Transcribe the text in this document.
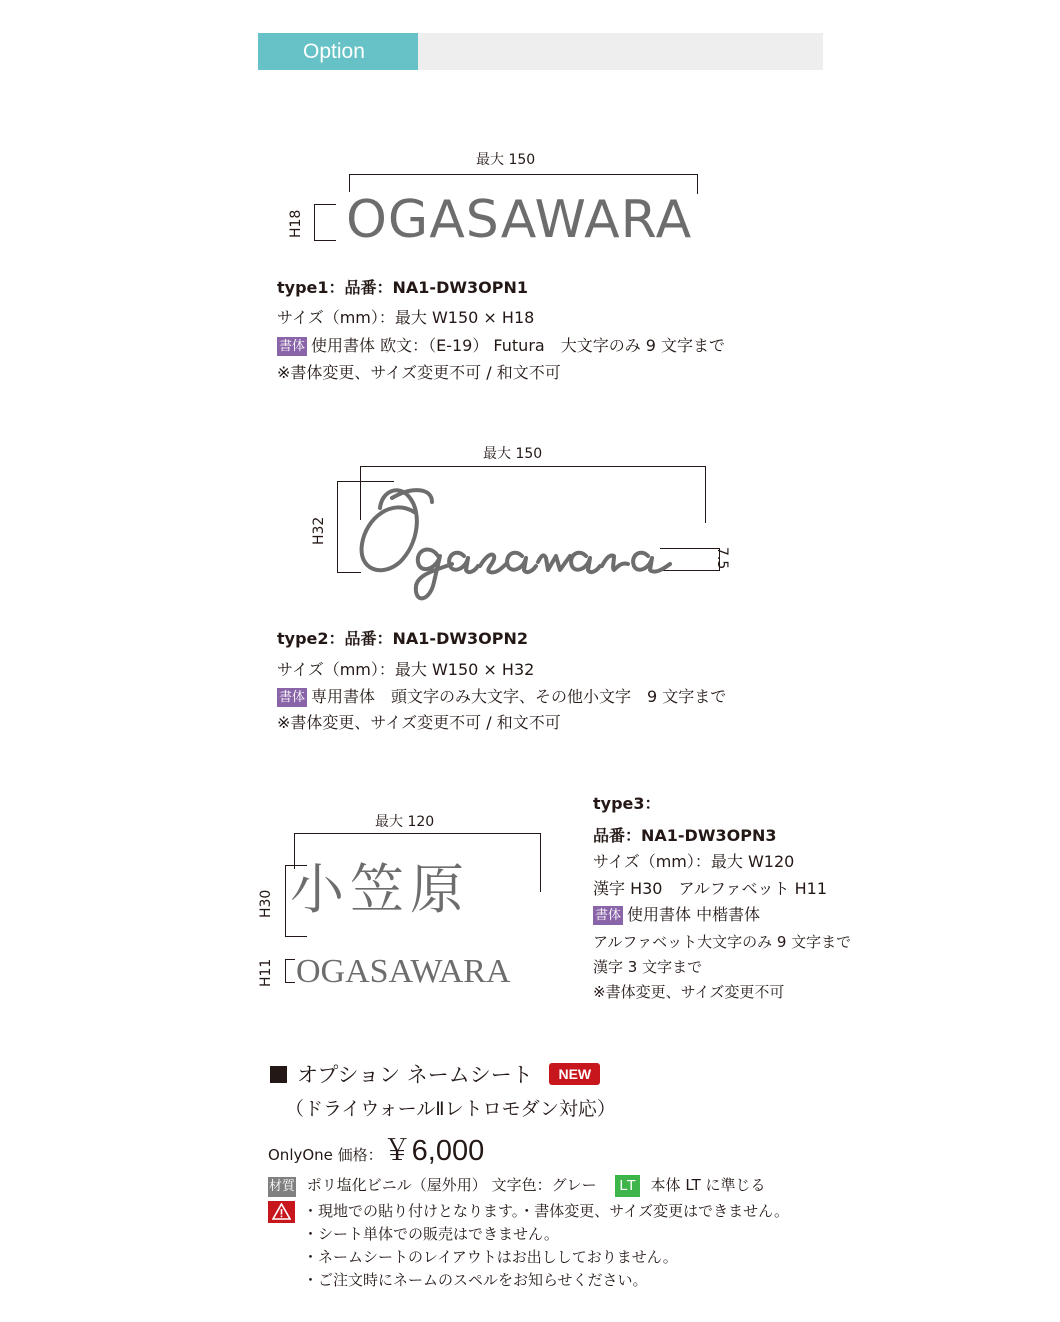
Option
最大 150
H18 OGASAWARA
type1：品番：NA1-DW3OPN1
サイズ（mm）：最大 W150 × H18
書体 使用書体 欧文：（E-19） Futura　大文字のみ 9 文字まで
※書体変更、サイズ変更不可 / 和文不可
最大 150
H32
7.5
type2：品番：NA1-DW3OPN2
サイズ（mm）：最大 W150 × H32
書体 専用書体　頭文字のみ大文字、その他小文字　9 文字まで
※書体変更、サイズ変更不可 / 和文不可
最大 120
H30 小笠原
H11 OGASAWARA
type3：
品番：NA1-DW3OPN3
サイズ（mm）：最大 W120
漢字 H30　アルファベット H11
書体 使用書体 中楷書体
アルファベット大文字のみ 9 文字まで
漢字 3 文字まで
※書体変更、サイズ変更不可
オプション ネームシート NEW
（ドライウォールⅡレトロモダン対応）
OnlyOne 価格：￥6,000
材質 ポリ塩化ビニル（屋外用） 文字色：グレー LT 本体 LT に準じる
・現地での貼り付けとなります。・書体変更、サイズ変更はできません。
・シート単体での販売はできません。
・ネームシートのレイアウトはお出ししておりません。
・ご注文時にネームのスペルをお知らせください。
